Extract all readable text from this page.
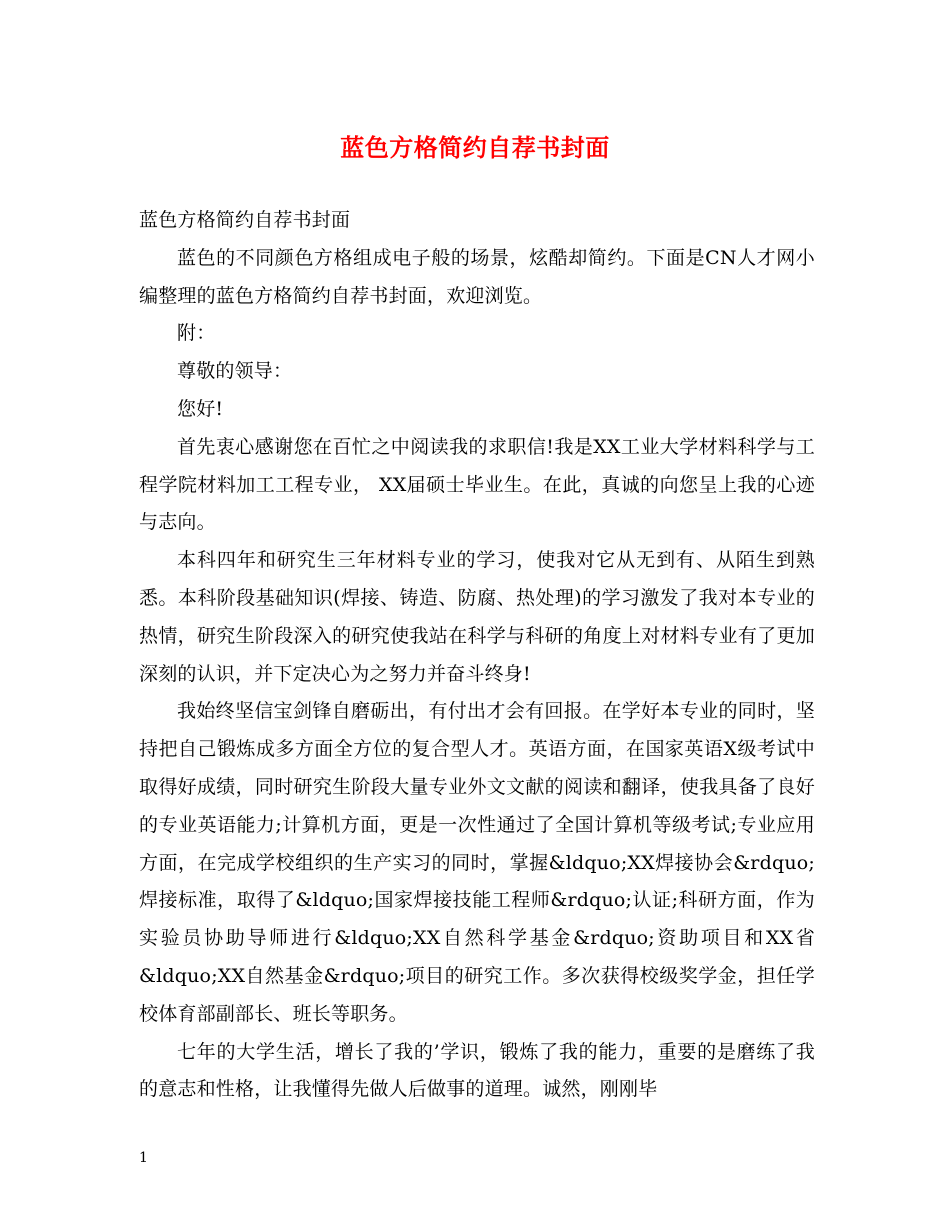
蓝色方格简约自荐书封面

蓝色方格简约自荐书封面

蓝色的不同颜色方格组成电子般的场景，炫酷却简约。下面是CN人才网小编整理的蓝色方格简约自荐书封面，欢迎浏览。

附：

尊敬的领导：

您好!

首先衷心感谢您在百忙之中阅读我的求职信!我是XX工业大学材料科学与工程学院材料加工工程专业， XX届硕士毕业生。在此，真诚的向您呈上我的心迹与志向。

本科四年和研究生三年材料专业的学习，使我对它从无到有、从陌生到熟悉。本科阶段基础知识(焊接、铸造、防腐、热处理)的学习激发了我对本专业的热情，研究生阶段深入的研究使我站在科学与科研的角度上对材料专业有了更加深刻的认识，并下定决心为之努力并奋斗终身!

我始终坚信宝剑锋自磨砺出，有付出才会有回报。在学好本专业的同时，坚持把自己锻炼成多方面全方位的复合型人才。英语方面，在国家英语X级考试中取得好成绩，同时研究生阶段大量专业外文文献的阅读和翻译，使我具备了良好的专业英语能力;计算机方面，更是一次性通过了全国计算机等级考试;专业应用方面，在完成学校组织的生产实习的同时，掌握&ldquo;XX焊接协会&rdquo;焊接标准，取得了&ldquo;国家焊接技能工程师&rdquo;认证;科研方面，作为实验员协助导师进行&ldquo;XX自然科学基金&rdquo;资助项目和XX省&ldquo;XX自然基金&rdquo;项目的研究工作。多次获得校级奖学金，担任学校体育部副部长、班长等职务。

七年的大学生活，增长了我的’学识，锻炼了我的能力，重要的是磨练了我的意志和性格，让我懂得先做人后做事的道理。诚然，刚刚毕

1
